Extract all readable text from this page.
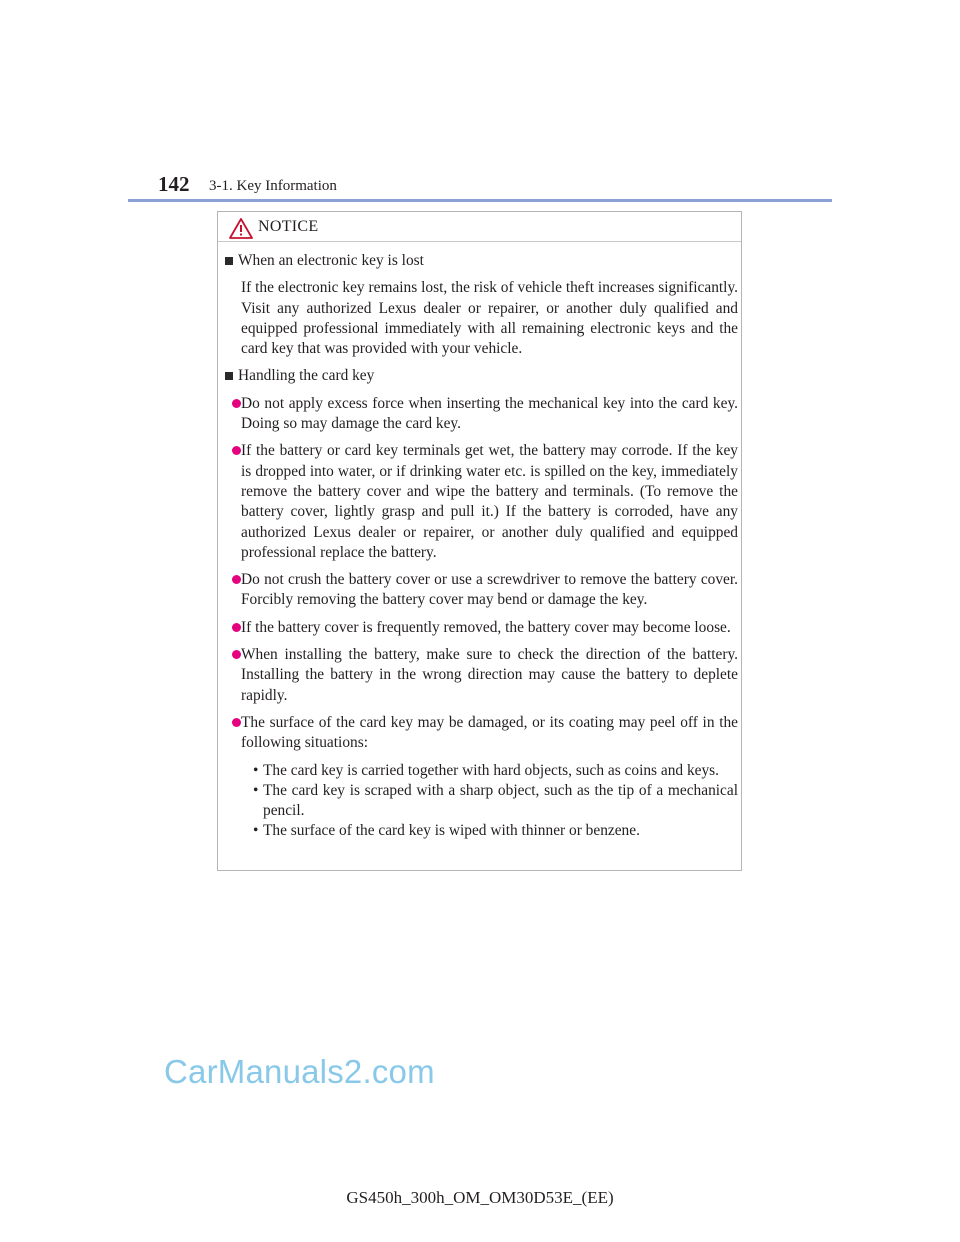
142 3-1. Key Information
NOTICE
When an electronic key is lost
If the electronic key remains lost, the risk of vehicle theft increases significantly. Visit any authorized Lexus dealer or repairer, or another duly qualified and equipped professional immediately with all remaining electronic keys and the card key that was provided with your vehicle.
Handling the card key
Do not apply excess force when inserting the mechanical key into the card key. Doing so may damage the card key.
If the battery or card key terminals get wet, the battery may corrode. If the key is dropped into water, or if drinking water etc. is spilled on the key, immediately remove the battery cover and wipe the battery and terminals. (To remove the battery cover, lightly grasp and pull it.) If the battery is corroded, have any authorized Lexus dealer or repairer, or another duly qualified and equipped professional replace the battery.
Do not crush the battery cover or use a screwdriver to remove the battery cover. Forcibly removing the battery cover may bend or damage the key.
If the battery cover is frequently removed, the battery cover may become loose.
When installing the battery, make sure to check the direction of the battery. Installing the battery in the wrong direction may cause the battery to deplete rapidly.
The surface of the card key may be damaged, or its coating may peel off in the following situations:
• The card key is carried together with hard objects, such as coins and keys.
• The card key is scraped with a sharp object, such as the tip of a mechanical pencil.
• The surface of the card key is wiped with thinner or benzene.
CarManuals2.com
GS450h_300h_OM_OM30D53E_(EE)
